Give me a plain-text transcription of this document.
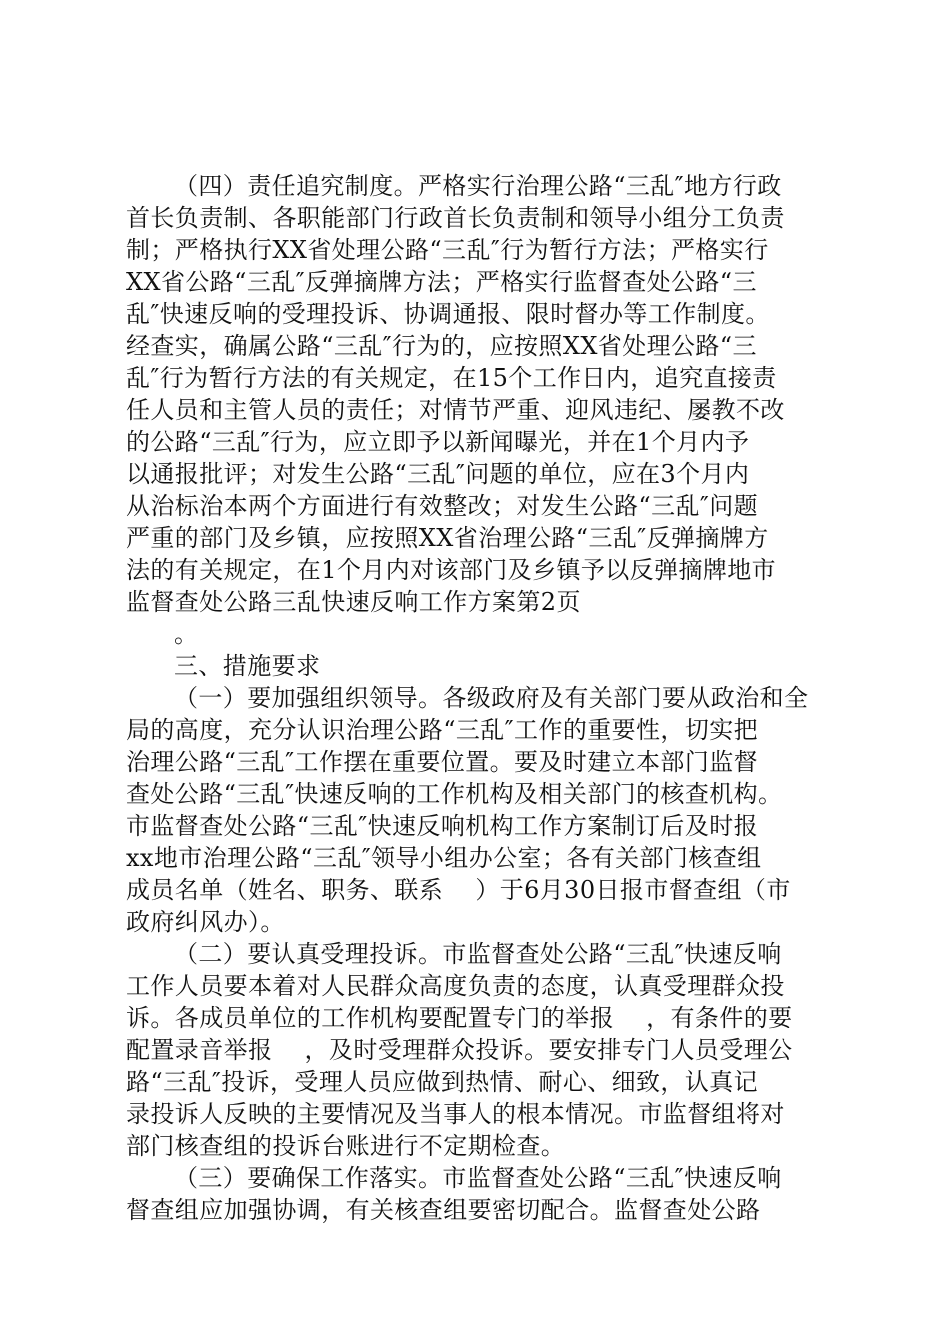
（四）责任追究制度。严格实行治理公路“三乱″地方行政
首长负责制、各职能部门行政首长负责制和领导小组分工负责
制；严格执行XX省处理公路“三乱″行为暂行方法；严格实行
XX省公路“三乱″反弹摘牌方法；严格实行监督查处公路“三
乱″快速反响的受理投诉、协调通报、限时督办等工作制度。
经查实，确属公路“三乱″行为的，应按照XX省处理公路“三
乱″行为暂行方法的有关规定，在15个工作日内，追究直接责
任人员和主管人员的责任；对情节严重、迎风违纪、屡教不改
的公路“三乱″行为，应立即予以新闻曝光，并在1个月内予
以通报批评；对发生公路“三乱″问题的单位，应在3个月内
从治标治本两个方面进行有效整改；对发生公路“三乱″问题
严重的部门及乡镇，应按照XX省治理公路“三乱″反弹摘牌方
法的有关规定，在1个月内对该部门及乡镇予以反弹摘牌地市
监督查处公路三乱快速反响工作方案第2页
。
三、措施要求
（一）要加强组织领导。各级政府及有关部门要从政治和全
局的高度，充分认识治理公路“三乱″工作的重要性，切实把
治理公路“三乱″工作摆在重要位置。要及时建立本部门监督
查处公路“三乱″快速反响的工作机构及相关部门的核查机构。
市监督查处公路“三乱″快速反响机构工作方案制订后及时报
xx地市治理公路“三乱″领导小组办公室；各有关部门核查组
成员名单（姓名、职务、联系    ）于6月30日报市督查组（市
政府纠风办）。
（二）要认真受理投诉。市监督查处公路“三乱″快速反响
工作人员要本着对人民群众高度负责的态度，认真受理群众投
诉。各成员单位的工作机构要配置专门的举报    ，有条件的要
配置录音举报    ，及时受理群众投诉。要安排专门人员受理公
路“三乱″投诉，受理人员应做到热情、耐心、细致，认真记
录投诉人反映的主要情况及当事人的根本情况。市监督组将对
部门核查组的投诉台账进行不定期检查。
（三）要确保工作落实。市监督查处公路“三乱″快速反响
督查组应加强协调，有关核查组要密切配合。监督查处公路
